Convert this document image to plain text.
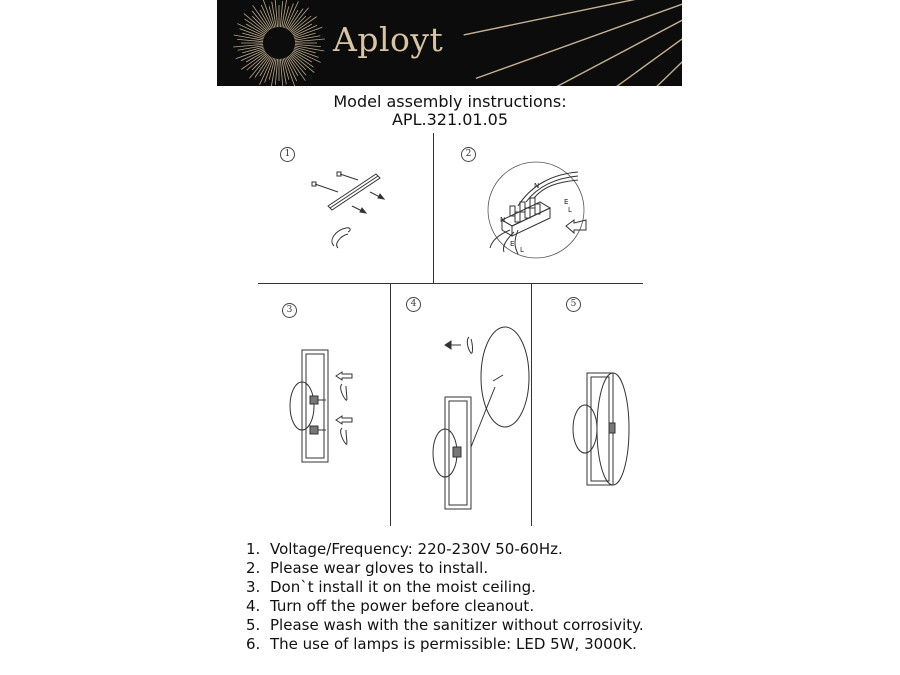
Aployt
Model assembly instructions:
APL.321.01.05
1	2
3
4	5
N
E
L
N
E
L
1. Voltage/Frequency: 220-230V 50-60Hz.
2. Please wear gloves to install.
3. Don`t install it on the moist ceiling.
4. Turn off the power before cleanout.
5. Please wash with the sanitizer without corrosivity.
6. The use of lamps is permissible: LED 5W, 3000K.
